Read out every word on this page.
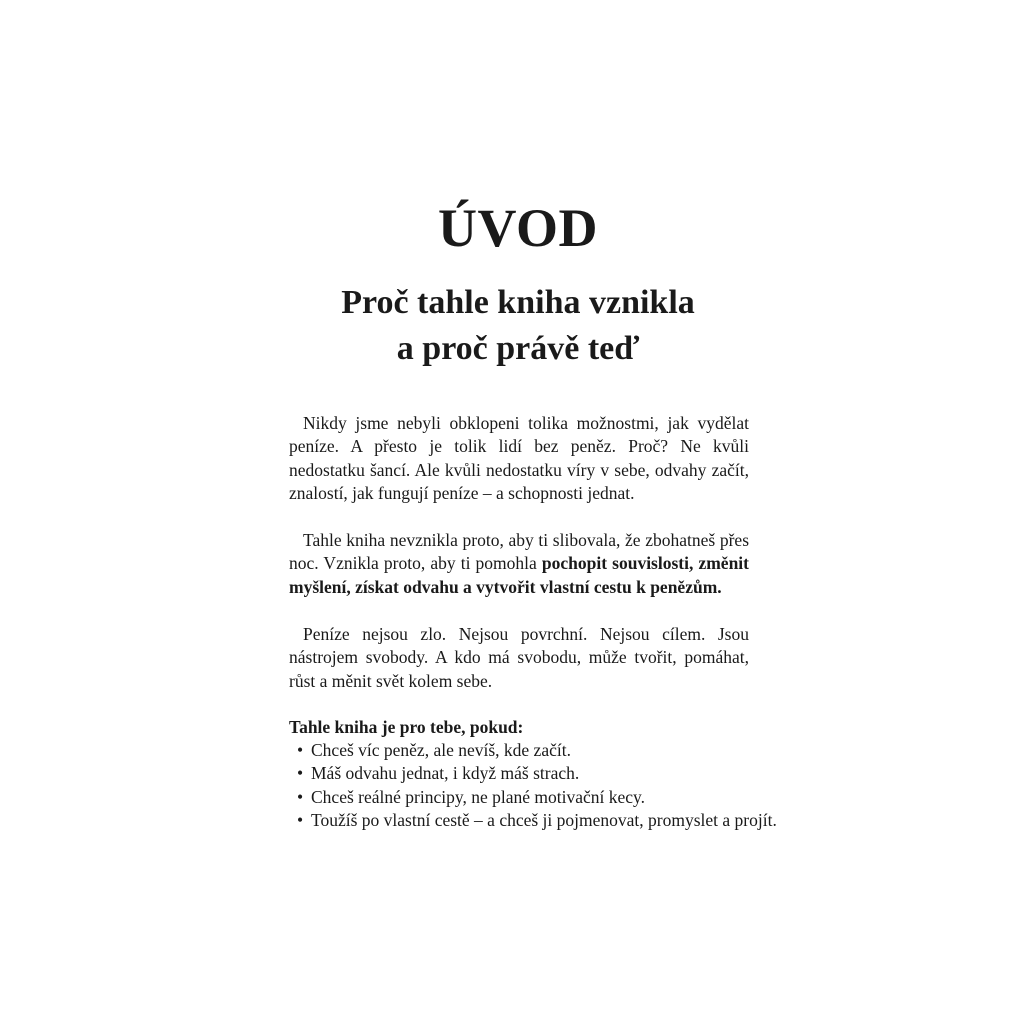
ÚVOD
Proč tahle kniha vznikla
a proč právě teď

Nikdy jsme nebyli obklopeni tolika možnostmi, jak vydělat peníze. A přesto je tolik lidí bez peněz. Proč? Ne kvůli nedostatku šancí. Ale kvůli nedostatku víry v sebe, odvahy začít, znalostí, jak fungují peníze – a schopnosti jednat.

Tahle kniha nevznikla proto, aby ti slibovala, že zbohatneš přes noc. Vznikla proto, aby ti pomohla pochopit souvislosti, změnit myšlení, získat odvahu a vytvořit vlastní cestu k penězům.

Peníze nejsou zlo. Nejsou povrchní. Nejsou cílem. Jsou nástrojem svobody. A kdo má svobodu, může tvořit, pomáhat, růst a měnit svět kolem sebe.

Tahle kniha je pro tebe, pokud:

• Chceš víc peněz, ale nevíš, kde začít.
• Máš odvahu jednat, i když máš strach.
• Chceš reálné principy, ne plané motivační kecy.
• Toužíš po vlastní cestě – a chceš ji pojmenovat, promyslet a projít.
